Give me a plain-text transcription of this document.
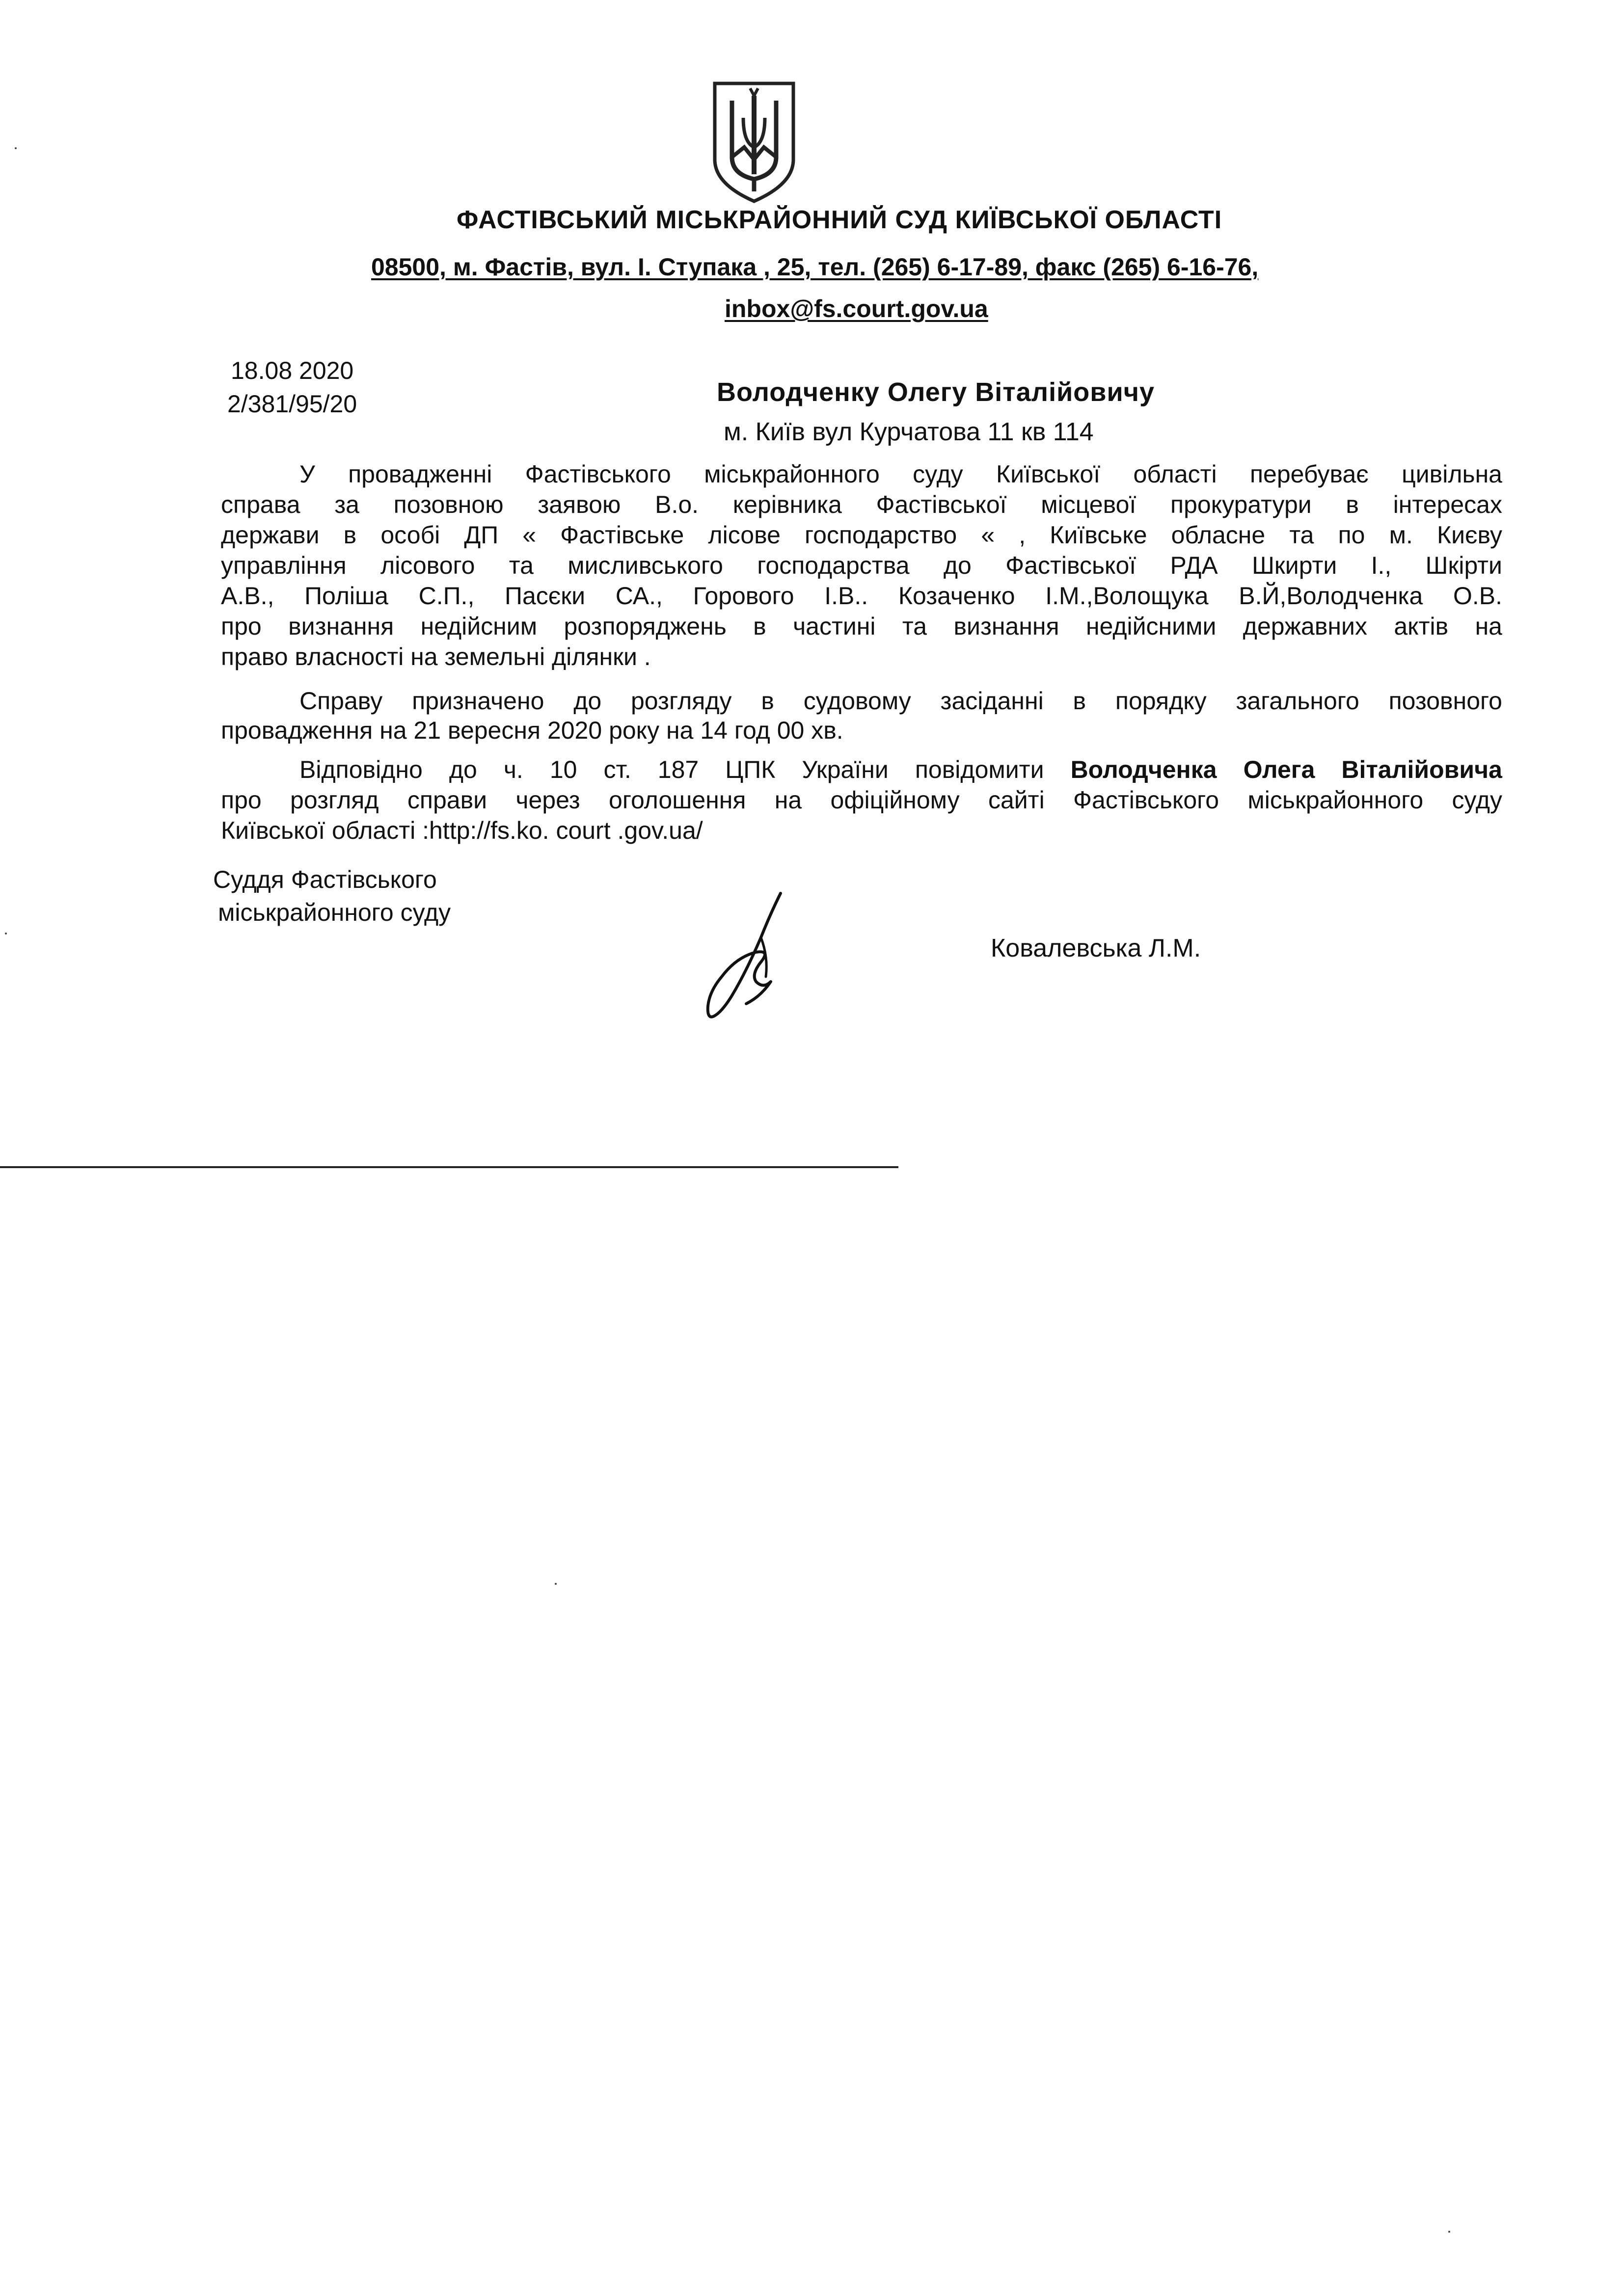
ФАСТІВСЬКИЙ МІСЬКРАЙОННИЙ СУД КИЇВСЬКОЇ ОБЛАСТІ
08500, м. Фастів, вул. І. Ступака , 25, тел. (265) 6-17-89, факс (265) 6-16-76,
inbox@fs.court.gov.ua
18.08 2020
2/381/95/20	Володченку Олегу Віталійовичу
м. Київ вул Курчатова 11 кв 114
У провадженні Фастівського міськрайонного суду Київської області перебуває цивільна
справа за позовною заявою В.о. керівника Фастівської місцевої прокуратури в інтересах
держави в особі ДП « Фастівське лісове господарство « , Київське обласне та по м. Києву
управління лісового та мисливського господарства до Фастівської РДА Шкирти І., Шкірти
А.В., Поліша С.П., Пасєки СА., Горового І.В.. Козаченко І.М.,Волощука В.Й,Володченка О.В.
про визнання недійсним розпоряджень в частині та визнання недійсними державних актів на
право власності на земельні ділянки .
Справу призначено до розгляду в судовому засіданні в порядку загального позовного
провадження на 21 вересня 2020 року на 14 год 00 хв.
Відповідно до ч. 10 ст. 187 ЦПК України повідомити Володченка Олега Віталійовича
про розгляд справи через оголошення на офіційному сайті Фастівського міськрайонного суду
Київської області :http://fs.ko. court .gov.ua/
Суддя Фастівського
міськрайонного суду
Ковалевська Л.М.
